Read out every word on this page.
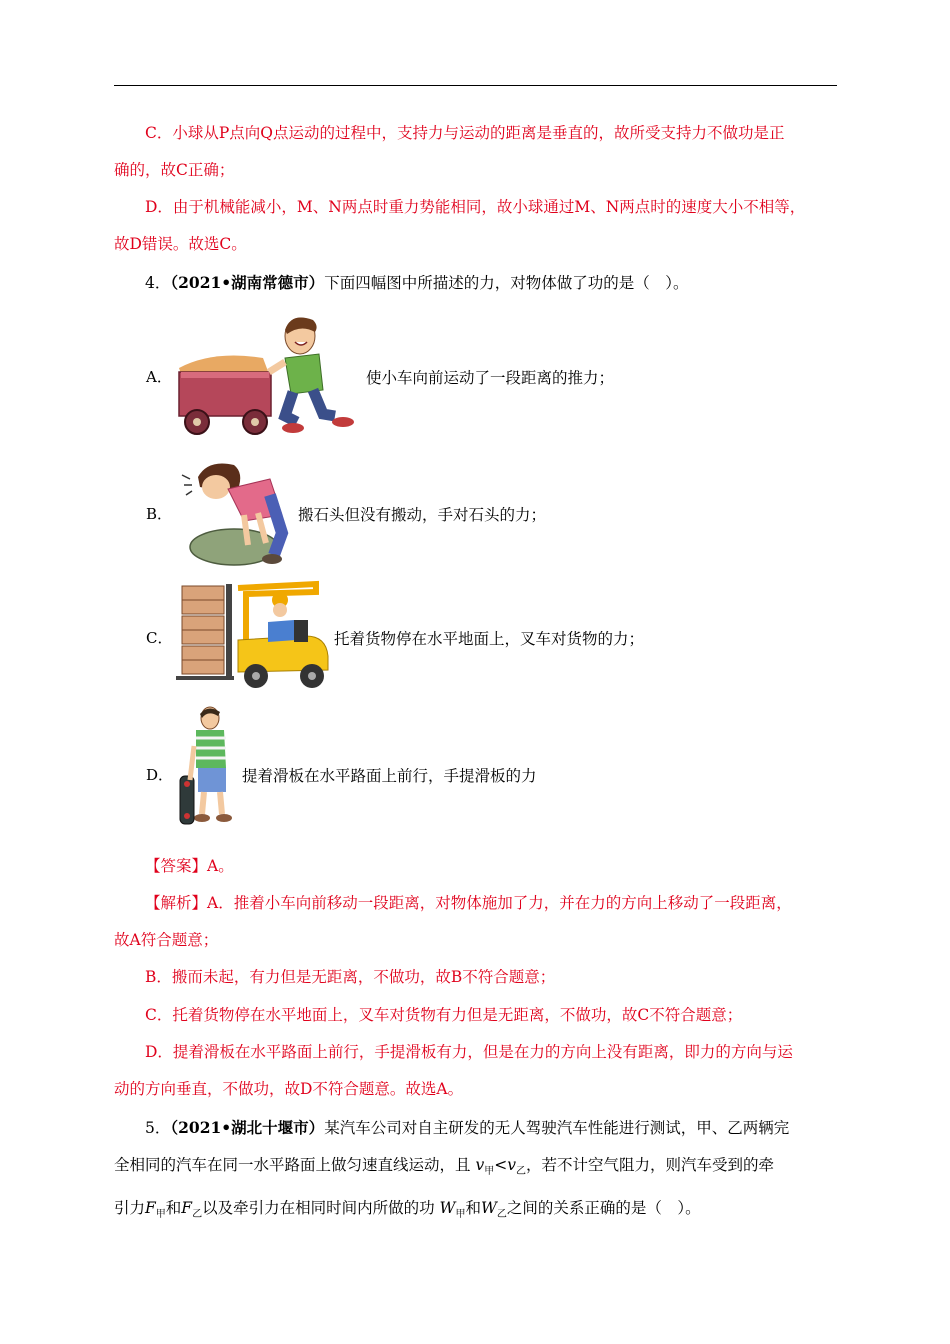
C．小球从P点向Q点运动的过程中，支持力与运动的距离是垂直的，故所受支持力不做功是正
确的，故C正确；
D．由于机械能减小，M、N两点时重力势能相同，故小球通过M、N两点时的速度大小不相等，
故D错误。故选C。
4．（2021•湖南常德市）下面四幅图中所描述的力，对物体做了功的是（　）。
A．	使小车向前运动了一段距离的推力；
B．	搬石头但没有搬动，手对石头的力；
C．	托着货物停在水平地面上，叉车对货物的力；
D．	提着滑板在水平路面上前行，手提滑板的力
【答案】A。
【解析】A．推着小车向前移动一段距离，对物体施加了力，并在力的方向上移动了一段距离，
故A符合题意；
B．搬而未起，有力但是无距离，不做功，故B不符合题意；
C．托着货物停在水平地面上，叉车对货物有力但是无距离，不做功，故C不符合题意；
D．提着滑板在水平路面上前行，手提滑板有力，但是在力的方向上没有距离，即力的方向与运
动的方向垂直，不做功，故D不符合题意。故选A。
5．（2021•湖北十堰市）某汽车公司对自主研发的无人驾驶汽车性能进行测试，甲、乙两辆完
全相同的汽车在同一水平路面上做匀速直线运动，且 $v_甲<v_乙$，若不计空气阻力，则汽车受到的牵
引力$F_甲$和$F_乙$以及牵引力在相同时间内所做的功 $W_甲$和$W_乙$之间的关系正确的是（　）。
